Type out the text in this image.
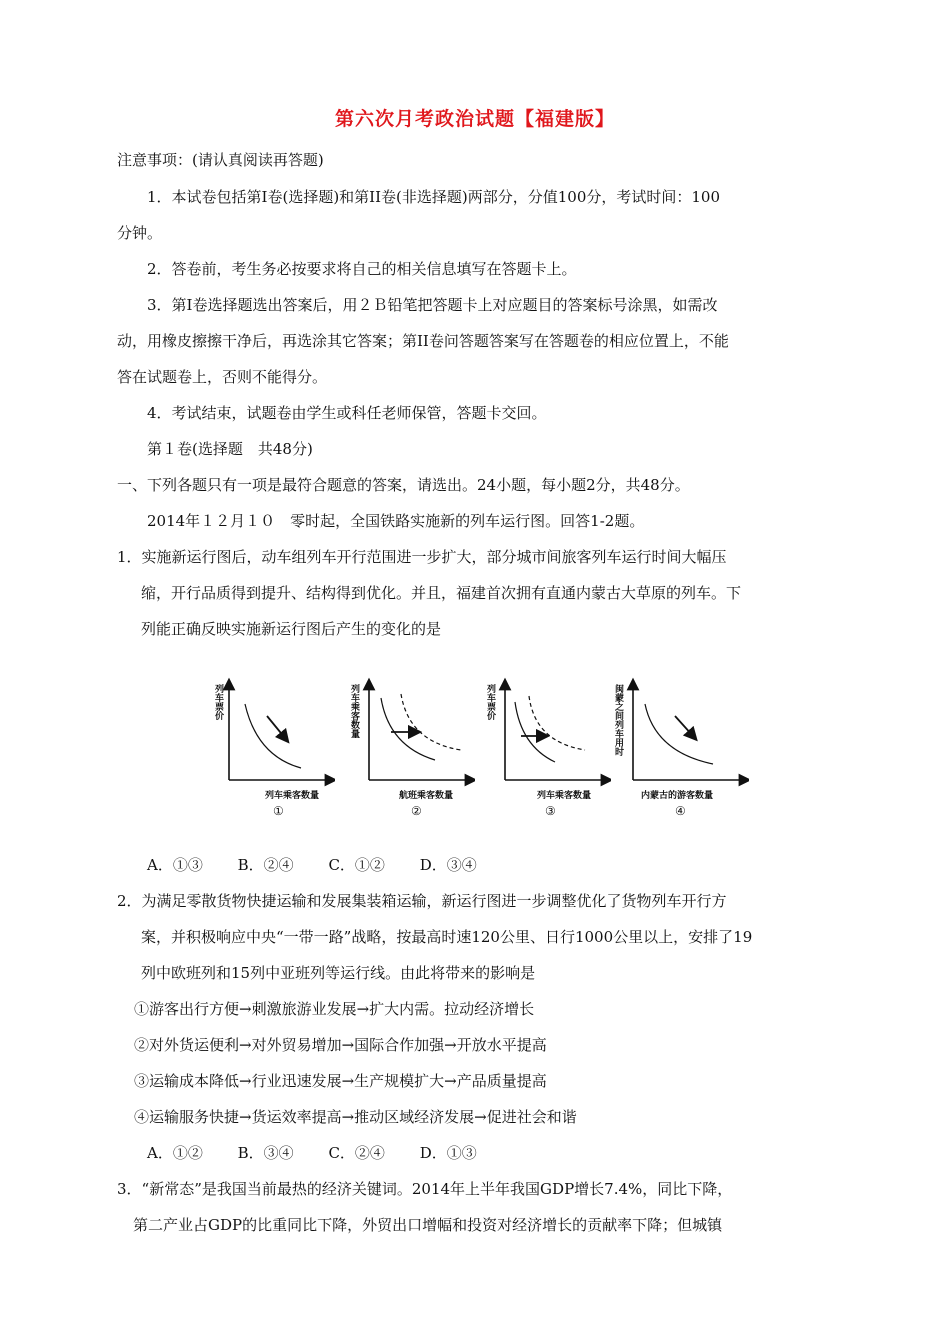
第六次月考政治试题【福建版】
注意事项：(请认真阅读再答题)
1．本试卷包括第Ⅰ卷(选择题)和第II卷(非选择题)两部分，分值100分，考试时间：100
分钟。
2．答卷前，考生务必按要求将自己的相关信息填写在答题卡上。
3．第Ⅰ卷选择题选出答案后，用２Ｂ铅笔把答题卡上对应题目的答案标号涂黑，如需改
动，用橡皮擦擦干净后，再选涂其它答案；第II卷问答题答案写在答题卷的相应位置上，不能
答在试题卷上，否则不能得分。
4．考试结束，试题卷由学生或科任老师保管，答题卡交回。
第１卷(选择题　共48分)
一、下列各题只有一项是最符合题意的答案，请选出。24小题，每小题2分，共48分。
2014年１２月１０　零时起，全国铁路实施新的列车运行图。回答1-2题。
1．实施新运行图后，动车组列车开行范围进一步扩大，部分城市间旅客列车运行时间大幅压
缩，开行品质得到提升、结构得到优化。并且，福建首次拥有直通内蒙古大草原的列车。下
列能正确反映实施新运行图后产生的变化的是
列车票价
列车乘客数量
①
列车乘客数量
航班乘客数量
②
列车票价
列车乘客数量
③
闽蒙之间列车用时
内蒙古的游客数量
④
A．①③ B．②④ C．①② D．③④
2．为满足零散货物快捷运输和发展集装箱运输，新运行图进一步调整优化了货物列车开行方
案，并积极响应中央“一带一路”战略，按最高时速120公里、日行1000公里以上，安排了19
列中欧班列和15列中亚班列等运行线。由此将带来的影响是
①游客出行方便→刺激旅游业发展→扩大内需。拉动经济增长
②对外货运便利→对外贸易增加→国际合作加强→开放水平提高
③运输成本降低→行业迅速发展→生产规模扩大→产品质量提高
④运输服务快捷→货运效率提高→推动区域经济发展→促进社会和谐
A．①② B．③④ C．②④ D．①③
3．“新常态”是我国当前最热的经济关键词。2014年上半年我国GDP增长7.4%，同比下降，
第二产业占GDP的比重同比下降，外贸出口增幅和投资对经济增长的贡献率下降；但城镇
